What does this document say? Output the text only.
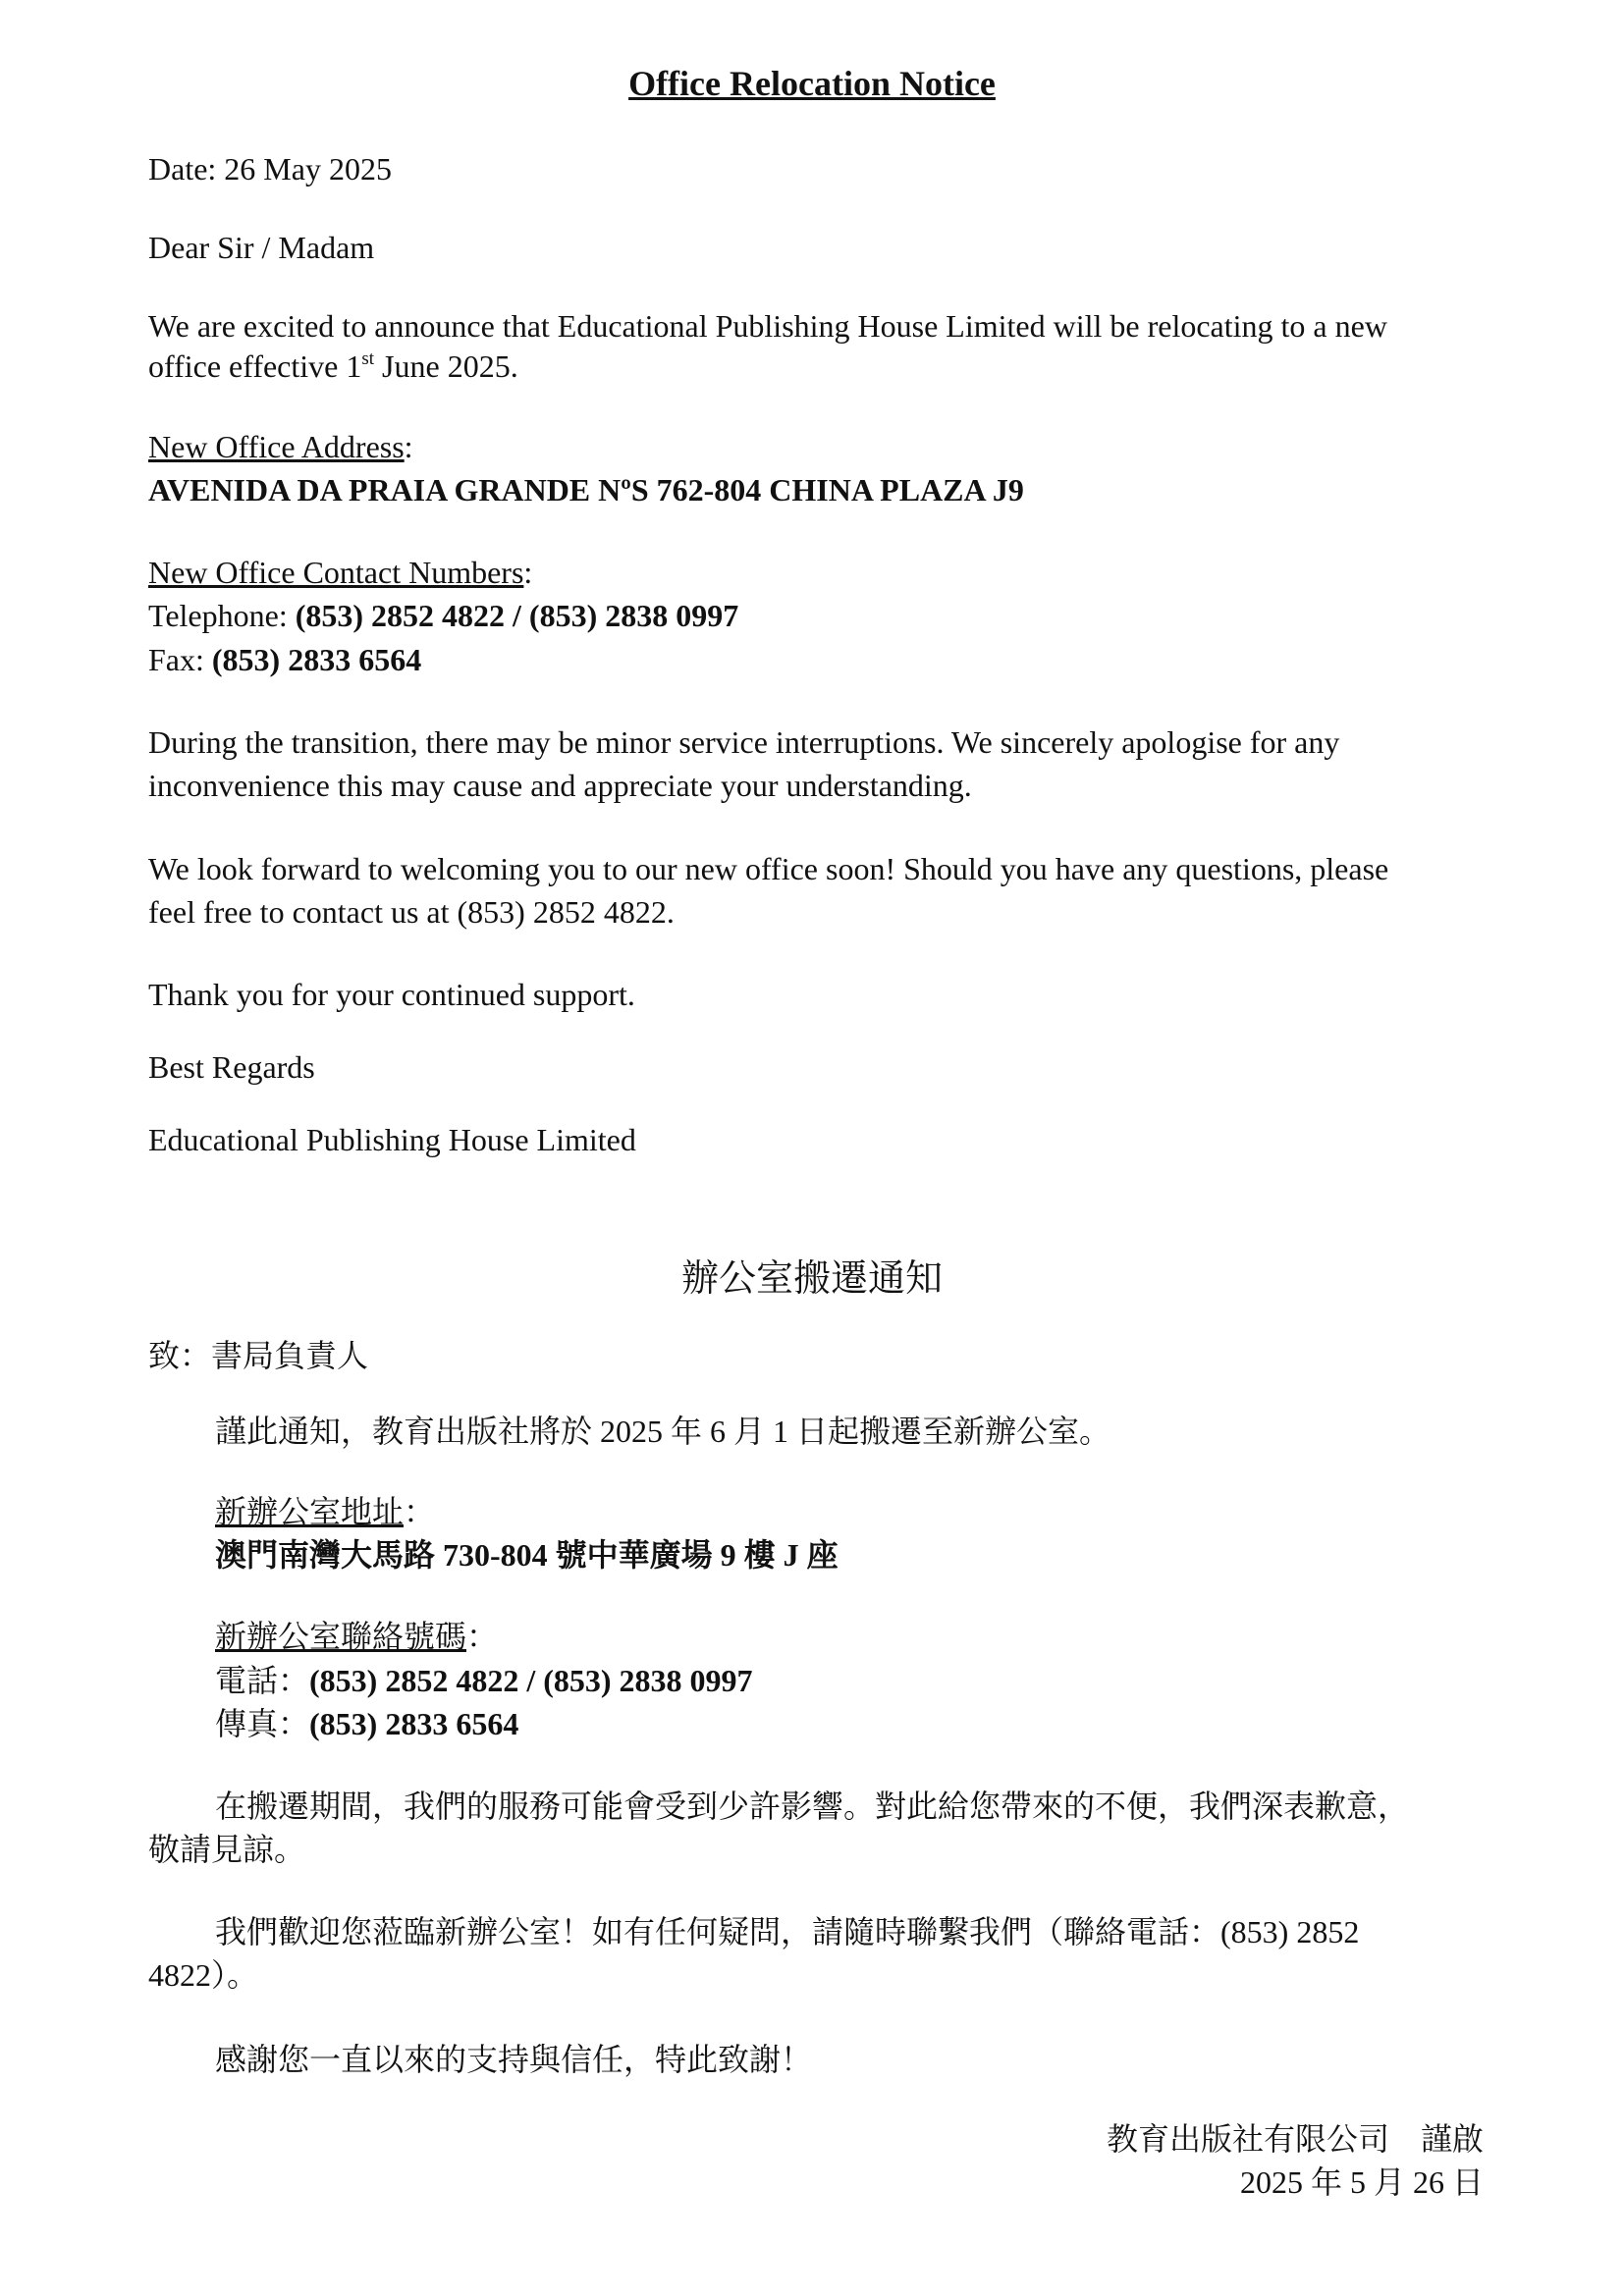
Office Relocation Notice
Date: 26 May 2025
Dear Sir / Madam
We are excited to announce that Educational Publishing House Limited will be relocating to a new
office effective 1st June 2025.
New Office Address:
AVENIDA DA PRAIA GRANDE NºS 762-804 CHINA PLAZA J9
New Office Contact Numbers:
Telephone: (853) 2852 4822 / (853) 2838 0997
Fax: (853) 2833 6564
During the transition, there may be minor service interruptions. We sincerely apologise for any
inconvenience this may cause and appreciate your understanding.
We look forward to welcoming you to our new office soon! Should you have any questions, please
feel free to contact us at (853) 2852 4822.
Thank you for your continued support.
Best Regards
Educational Publishing House Limited
辦公室搬遷通知
致：書局負責人
謹此通知，教育出版社將於 2025 年 6 月 1 日起搬遷至新辦公室。
新辦公室地址：
澳門南灣大馬路 730-804 號中華廣場 9 樓 J 座
新辦公室聯絡號碼：
電話：(853) 2852 4822 / (853) 2838 0997
傳真：(853) 2833 6564
在搬遷期間，我們的服務可能會受到少許影響。對此給您帶來的不便，我們深表歉意，
敬請見諒。
我們歡迎您蒞臨新辦公室！如有任何疑問，請隨時聯繫我們（聯絡電話：(853) 2852
4822）。
感謝您一直以來的支持與信任，特此致謝！
教育出版社有限公司　謹啟
2025 年 5 月 26 日
